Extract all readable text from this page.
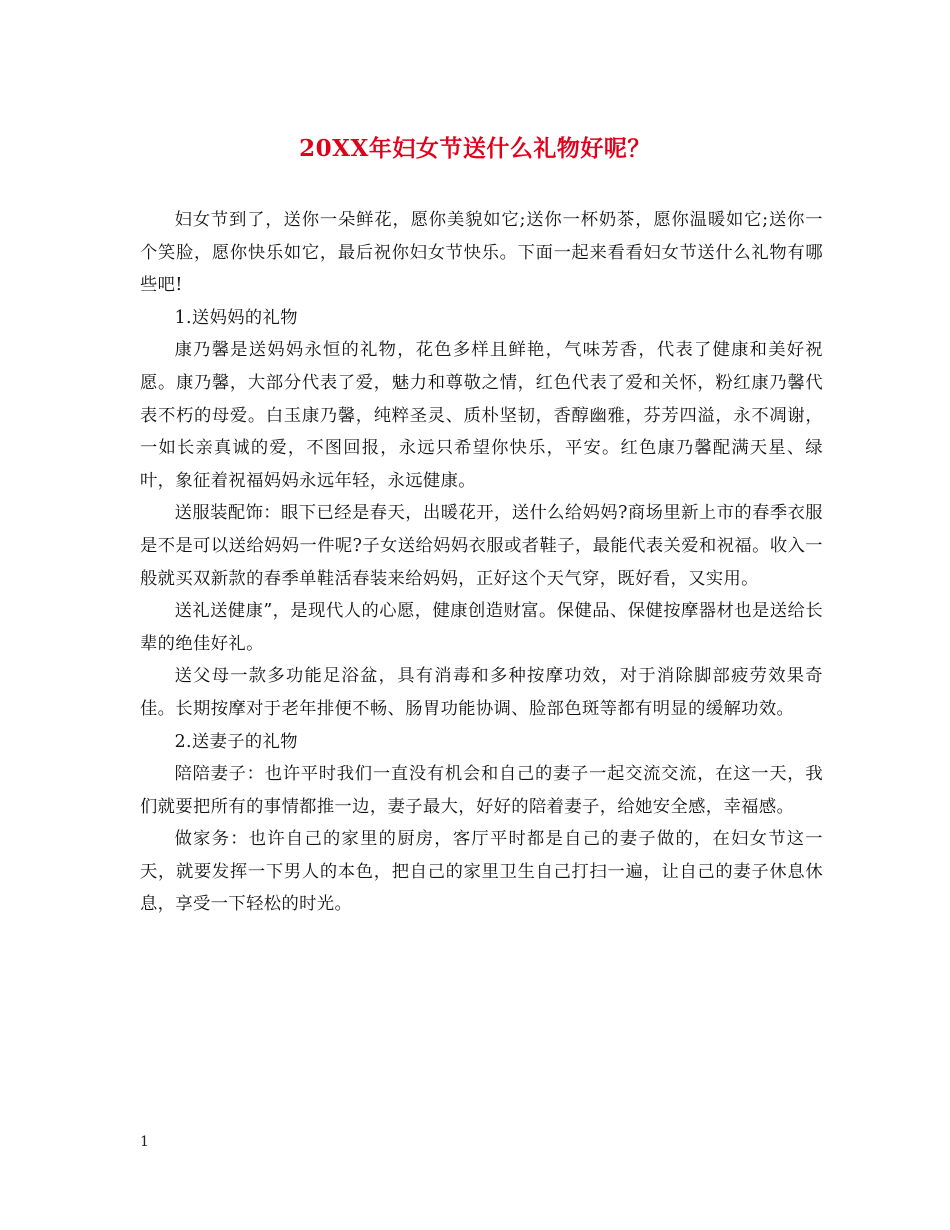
20XX年妇女节送什么礼物好呢？

妇女节到了，送你一朵鲜花，愿你美貌如它;送你一杯奶茶，愿你温暖如它;送你一个笑脸，愿你快乐如它，最后祝你妇女节快乐。下面一起来看看妇女节送什么礼物有哪些吧!

1.送妈妈的礼物

康乃馨是送妈妈永恒的礼物，花色多样且鲜艳，气味芳香，代表了健康和美好祝愿。康乃馨，大部分代表了爱，魅力和尊敬之情，红色代表了爱和关怀，粉红康乃馨代表不朽的母爱。白玉康乃馨，纯粹圣灵、质朴坚韧，香醇幽雅，芬芳四溢，永不凋谢，一如长亲真诚的爱，不图回报，永远只希望你快乐，平安。红色康乃馨配满天星、绿叶，象征着祝福妈妈永远年轻，永远健康。

送服装配饰：眼下已经是春天，出暖花开，送什么给妈妈?商场里新上市的春季衣服是不是可以送给妈妈一件呢?子女送给妈妈衣服或者鞋子，最能代表关爱和祝福。收入一般就买双新款的春季单鞋活春装来给妈妈，正好这个天气穿，既好看，又实用。

送礼送健康”，是现代人的心愿，健康创造财富。保健品、保健按摩器材也是送给长辈的绝佳好礼。

送父母一款多功能足浴盆，具有消毒和多种按摩功效，对于消除脚部疲劳效果奇佳。长期按摩对于老年排便不畅、肠胃功能协调、脸部色斑等都有明显的缓解功效。

2.送妻子的礼物

陪陪妻子：也许平时我们一直没有机会和自己的妻子一起交流交流，在这一天，我们就要把所有的事情都推一边，妻子最大，好好的陪着妻子，给她安全感，幸福感。

做家务：也许自己的家里的厨房，客厅平时都是自己的妻子做的，在妇女节这一天，就要发挥一下男人的本色，把自己的家里卫生自己打扫一遍，让自己的妻子休息休息，享受一下轻松的时光。

1
